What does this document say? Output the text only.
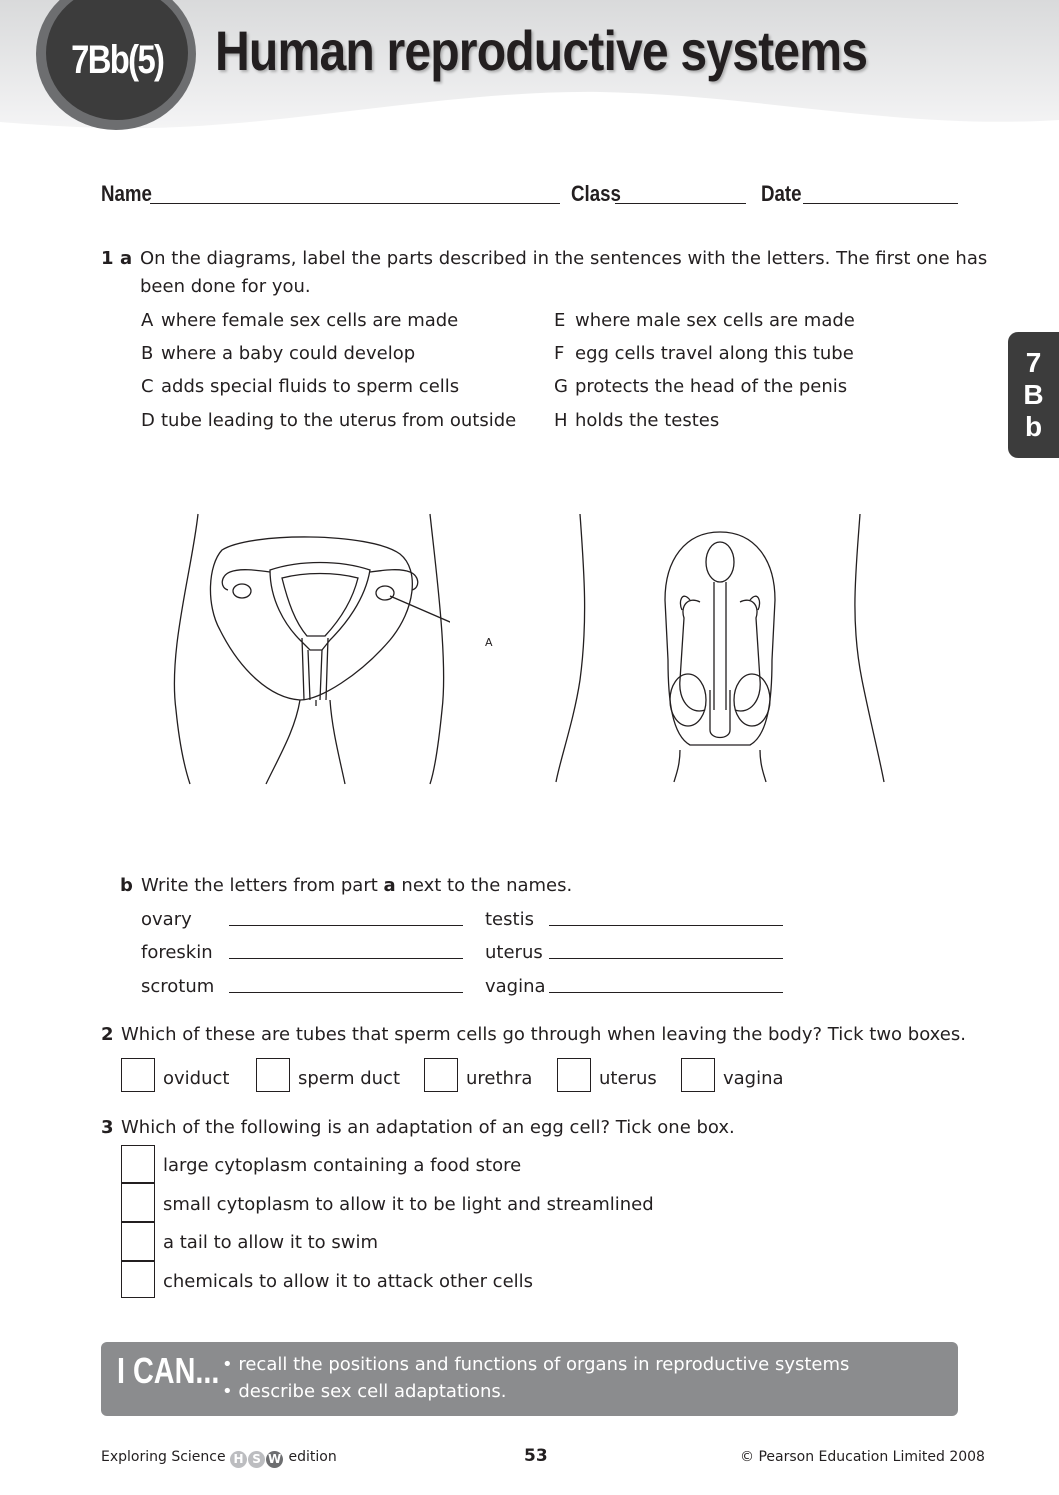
7Bb(5) Human reproductive systems
Name	Class	Date
7
B
b
1 a On the diagrams, label the parts described in the sentences with the letters. The first one has
been done for you.
A where female sex cells are made
B where a baby could develop
C adds special fluids to sperm cells
D tube leading to the uterus from outside
E where male sex cells are made
F egg cells travel along this tube
G protects the head of the penis
H holds the testes
A
b Write the letters from part a next to the names.
ovary
foreskin
scrotum
testis
uterus
vagina
2 Which of these are tubes that sperm cells go through when leaving the body? Tick two boxes.
oviduct	sperm duct	urethra	uterus	vagina
3 Which of the following is an adaptation of an egg cell? Tick one box.
large cytoplasm containing a food store
small cytoplasm to allow it to be light and streamlined
a tail to allow it to swim
chemicals to allow it to attack other cells
I CAN... • recall the positions and functions of organs in reproductive systems
• describe sex cell adaptations.
Exploring Science H S W edition	53	© Pearson Education Limited 2008
